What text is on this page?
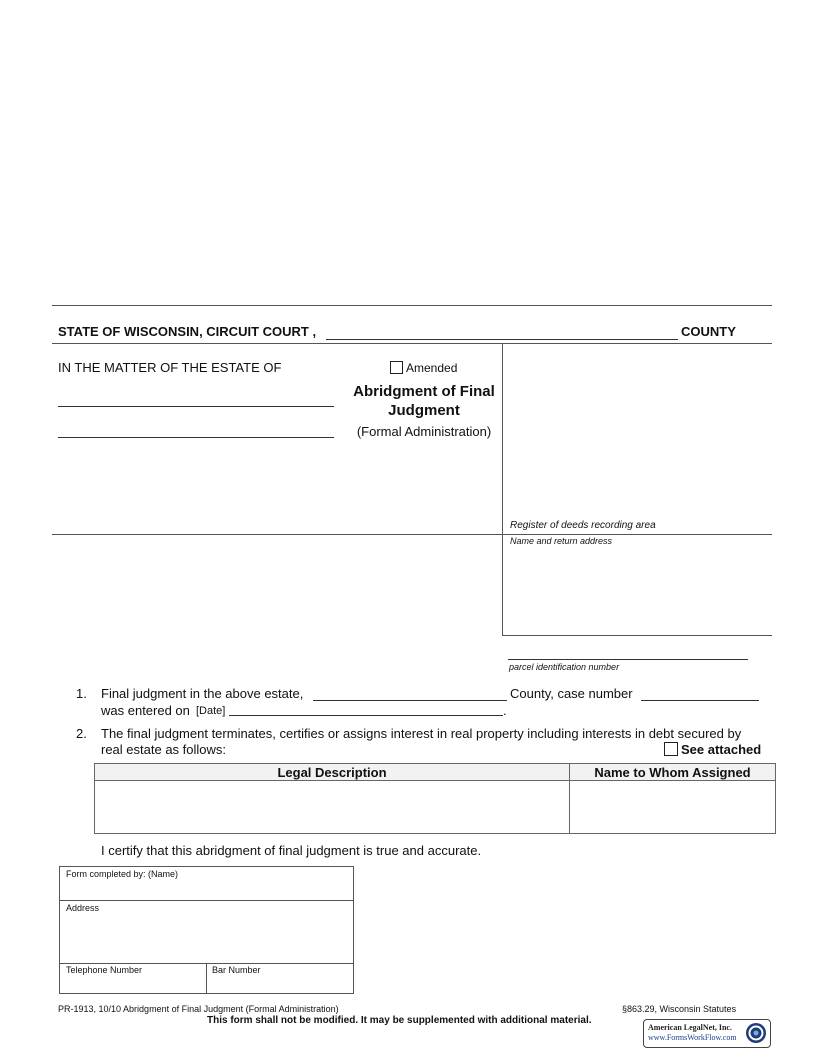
STATE OF WISCONSIN, CIRCUIT COURT ,	COUNTY
IN THE MATTER OF THE ESTATE OF	Amended
Abridgment of Final
Judgment
(Formal Administration)
Register of deeds recording area
Name and return address
parcel identification number
1. Final judgment in the above estate,	County, case number
was entered on [Date]	.
2. The final judgment terminates, certifies or assigns interest in real property including interests in debt secured by
real estate as follows:	See attached
Legal Description	Name to Whom Assigned

I certify that this abridgment of final judgment is true and accurate.
Form completed by: (Name)
Address
Telephone Number	Bar Number
PR-1913, 10/10 Abridgment of Final Judgment (Formal Administration)	§863.29, Wisconsin Statutes
This form shall not be modified. It may be supplemented with additional material.
American LegalNet, Inc.
www.FormsWorkFlow.com
